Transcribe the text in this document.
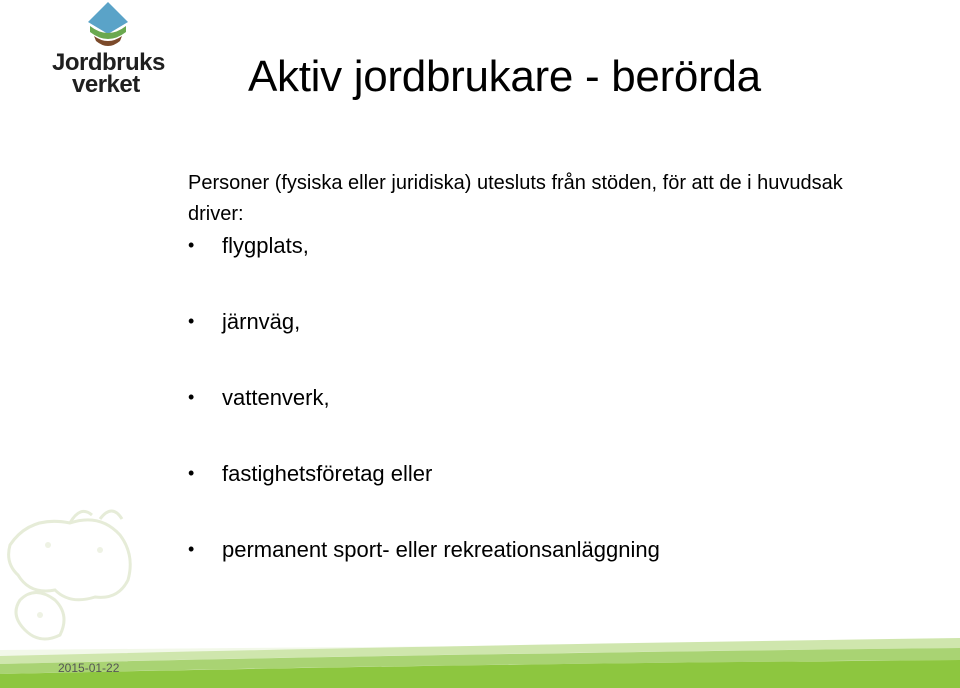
Jordbruks
verket	Aktiv jordbrukare - berörda
Personer (fysiska eller juridiska) utesluts från stöden, för att de i huvudsak driver:
• flygplats,
• järnväg,
• vattenverk,
• fastighetsföretag eller
• permanent sport- eller rekreationsanläggning
2015-01-22
